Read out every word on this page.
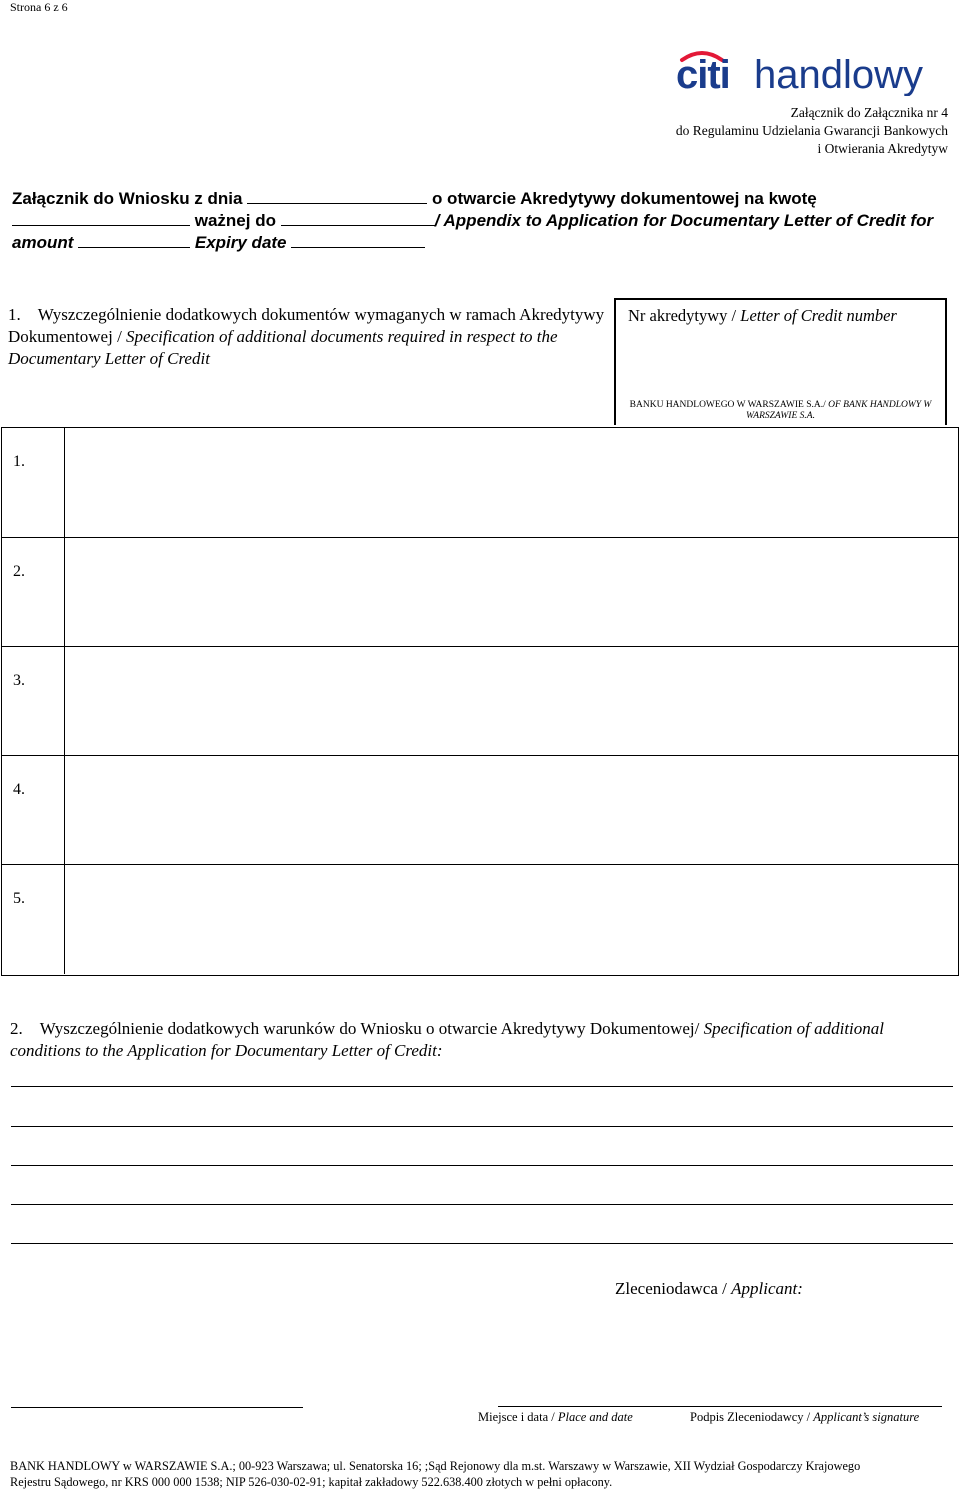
Strona 6 z 6
citi handlowy
Załącznik do Załącznika nr 4
do Regulaminu Udzielania Gwarancji Bankowych
i Otwierania Akredytyw
Załącznik do Wniosku z dnia	o otwarcie Akredytywy dokumentowej na kwotę  ważnej do	/ Appendix to Application for Documentary Letter of Credit for amount	Expiry date
1. Wyszczególnienie dodatkowych dokumentów wymaganych w ramach Akredytywy Dokumentowej / Specification of additional documents required in respect to the Documentary Letter of Credit
Nr akredytywy / Letter of Credit number
BANKU HANDLOWEGO W WARSZAWIE S.A./ OF BANK HANDLOWY W WARSZAWIE S.A.
1.
2.
3.
4.
5.
2. Wyszczególnienie dodatkowych warunków do Wniosku o otwarcie Akredytywy Dokumentowej/ Specification of additional conditions to the Application for Documentary Letter of Credit:
Zleceniodawca / Applicant:
Miejsce i data / Place and date	Podpis Zleceniodawcy / Applicant’s signature
BANK HANDLOWY w WARSZAWIE S.A.; 00-923 Warszawa; ul. Senatorska 16; ;Sąd Rejonowy dla m.st. Warszawy w Warszawie, XII Wydział Gospodarczy Krajowego
Rejestru Sądowego, nr KRS 000 000 1538; NIP 526-030-02-91; kapitał zakładowy 522.638.400 złotych w pełni opłacony.
